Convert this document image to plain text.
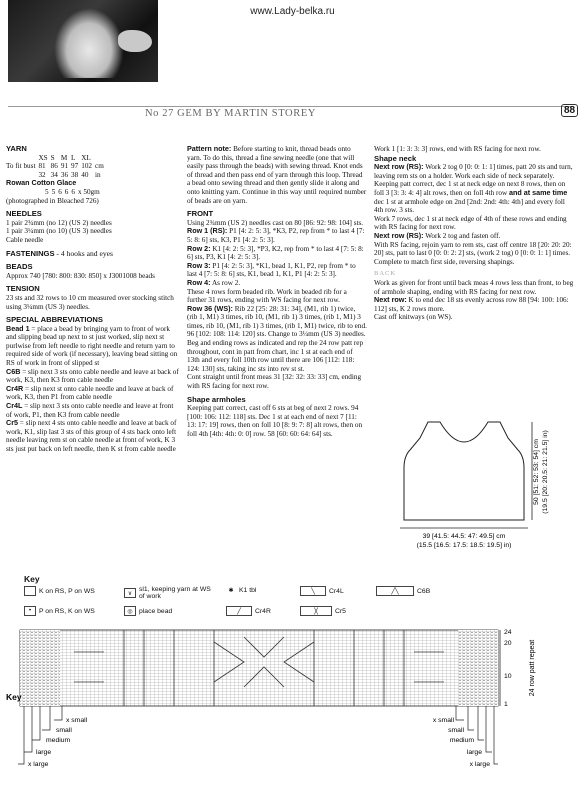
www.Lady-belka.ru
No 27 GEM BY MARTIN STOREY	88
YARN
	XS	S	M	L	XL	
To fit bust	81	86	91	97	102	cm
	32	34	36	38	40	in
Rowan Cotton Glace
	5	5	6	6	6	x 50gm

(photographed in Bleached 726)

NEEDLES

1 pair 2¾mm (no 12) (US 2) needles

1 pair 3¼mm (no 10) (US 3) needles

Cable needle

FASTENINGS - 4 hooks and eyes
BEADS

Approx 740 [780: 800: 830: 850] x J3001008 beads

TENSION

23 sts and 32 rows to 10 cm measured over stocking stitch using 3¼mm (US 3) needles.

SPECIAL ABBREVIATIONS

Bead 1 = place a bead by bringing yarn to front of work and slipping bead up next to st just worked, slip next st purlwise from left needle to right needle and return yarn to required side of work (if necessary), leaving bead sitting on RS of work in front of slipped st

C6B = slip next 3 sts onto cable needle and leave at back of work, K3, then K3 from cable needle

Cr4R = slip next st onto cable needle and leave at back of work, K3, then P1 from cable needle

Cr4L = slip next 3 sts onto cable needle and leave at front of work, P1, then K3 from cable needle

Cr5 = slip next 4 sts onto cable needle and leave at back of work, K1, slip last 3 sts of this group of 4 sts back onto left needle leaving rem st on cable needle at front of work, K 3 sts just put back on left needle, then K st from cable needle

Pattern note: Before starting to knit, thread beads onto yarn. To do this, thread a fine sewing needle (one that will easily pass through the beads) with sewing thread. Knot ends of thread and then pass end of yarn through this loop. Thread a bead onto sewing thread and then gently slide it along and onto knitting yarn. Continue in this way until required number of beads are on yarn.

FRONT

Using 2¾mm (US 2) needles cast on 80 [86: 92: 98: 104] sts.

Row 1 (RS): P1 [4: 2: 5: 3], *K3, P2, rep from * to last 4 [7: 5: 8: 6] sts, K3, P1 [4: 2: 5: 3].

Row 2: K1 [4: 2: 5: 3], *P3, K2, rep from * to last 4 [7: 5: 8: 6] sts, P3, K1 [4: 2: 5: 3].

Row 3: P1 [4: 2: 5: 3], *K1, bead 1, K1, P2, rep from * to last 4 [7: 5: 8: 6] sts, K1, bead 1, K1, P1 [4: 2: 5: 3].

Row 4: As row 2.

These 4 rows form beaded rib. Work in beaded rib for a further 31 rows, ending with WS facing for next row.

Row 36 (WS): Rib 22 [25: 28: 31: 34], (M1, rib 1) twice, (rib 1, M1) 3 times, rib 10, (M1, rib 1) 3 times, (rib 1, M1) 3 times, rib 10, (M1, rib 1) 3 times, (rib 1, M1) twice, rib to end. 96 [102: 108: 114: 120] sts. Change to 3¼mm (US 3) needles.

Beg and ending rows as indicated and rep the 24 row patt rep throughout, cont in patt from chart, inc 1 st at each end of 13th and every foll 10th row until there are 106 [112: 118: 124: 130] sts, taking inc sts into rev st st.

Cont straight until front meas 31 [32: 32: 33: 33] cm, ending with RS facing for next row.

Shape armholes

Keeping patt correct, cast off 6 sts at beg of next 2 rows. 94 [100: 106: 112: 118] sts. Dec 1 st at each end of next 7 [11: 13: 17: 19] rows, then on foll 10 [8: 9: 7: 8] alt rows, then on foll 4th [4th: 4th: 0: 0] row. 58 [60: 60: 64: 64] sts.

Work 1 [1: 3: 3: 3] rows, end with RS facing for next row.

Shape neck

Next row (RS): Work 2 tog 0 [0: 0: 1: 1] times, patt 20 sts and turn, leaving rem sts on a holder. Work each side of neck separately.

Keeping patt correct, dec 1 st at neck edge on next 8 rows, then on foll 3 [3: 3: 4: 4] alt rows, then on foll 4th row and at same time dec 1 st at armhole edge on 2nd [2nd: 2nd: 4th: 4th] and every foll 4th row. 3 sts.

Work 7 rows, dec 1 st at neck edge of 4th of these rows and ending with RS facing for next row.

Next row (RS): Work 2 tog and fasten off.

With RS facing, rejoin yarn to rem sts, cast off centre 18 [20: 20: 20: 20] sts, patt to last 0 [0: 0: 2: 2] sts, (work 2 tog) 0 [0: 0: 1: 1] times.

Complete to match first side, reversing shapings.

BACK

Work as given for front until back meas 4 rows less than front, to beg of armhole shaping, ending with RS facing for next row.

Next row: K to end dec 18 sts evenly across row 88 [94: 100: 106: 112] sts, K 2 rows more.

Cast off knitways (on WS).

50 [51: 52: 53: 54] cm (19.5 [20: 20.5: 21: 21.5] in)
39 [41.5: 44.5: 47: 49.5] cm
(15.5 [16.5: 17.5: 18.5: 19.5] in)
Key
K on RS, P on WS	∨
sl1, keeping yarn at WS of work
✱ K1 tbl	╲	Cr4L	╱╲	C6B
•	P on RS, K on WS	◎ place bead	╱	Cr4R	╳	Cr5
24
20
10
1
24 row patt repeat
Key
x small
small
medium
large
x large
x small
small
medium
large
x large
